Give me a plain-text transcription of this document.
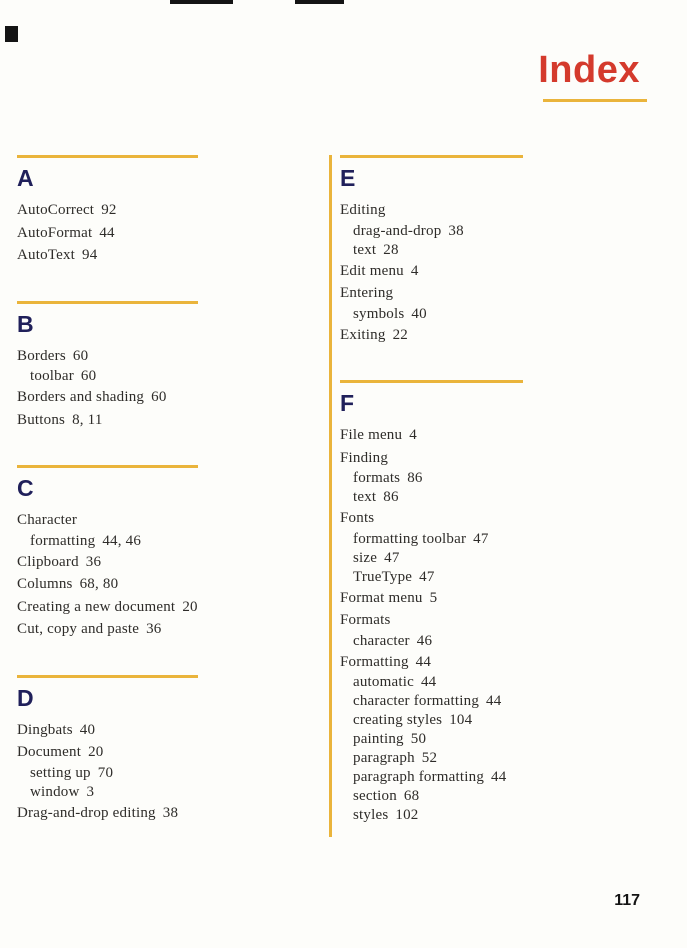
Index
A
AutoCorrect 92
AutoFormat 44
AutoText 94
B
Borders 60
toolbar 60
Borders and shading 60
Buttons 8, 11
C
Character
formatting 44, 46
Clipboard 36
Columns 68, 80
Creating a new document 20
Cut, copy and paste 36
D
Dingbats 40
Document 20
setting up 70
window 3
Drag-and-drop editing 38
E
Editing
drag-and-drop 38
text 28
Edit menu 4
Entering
symbols 40
Exiting 22
F
File menu 4
Finding
formats 86
text 86
Fonts
formatting toolbar 47
size 47
TrueType 47
Format menu 5
Formats
character 46
Formatting 44
automatic 44
character formatting 44
creating styles 104
painting 50
paragraph 52
paragraph formatting 44
section 68
styles 102
117
